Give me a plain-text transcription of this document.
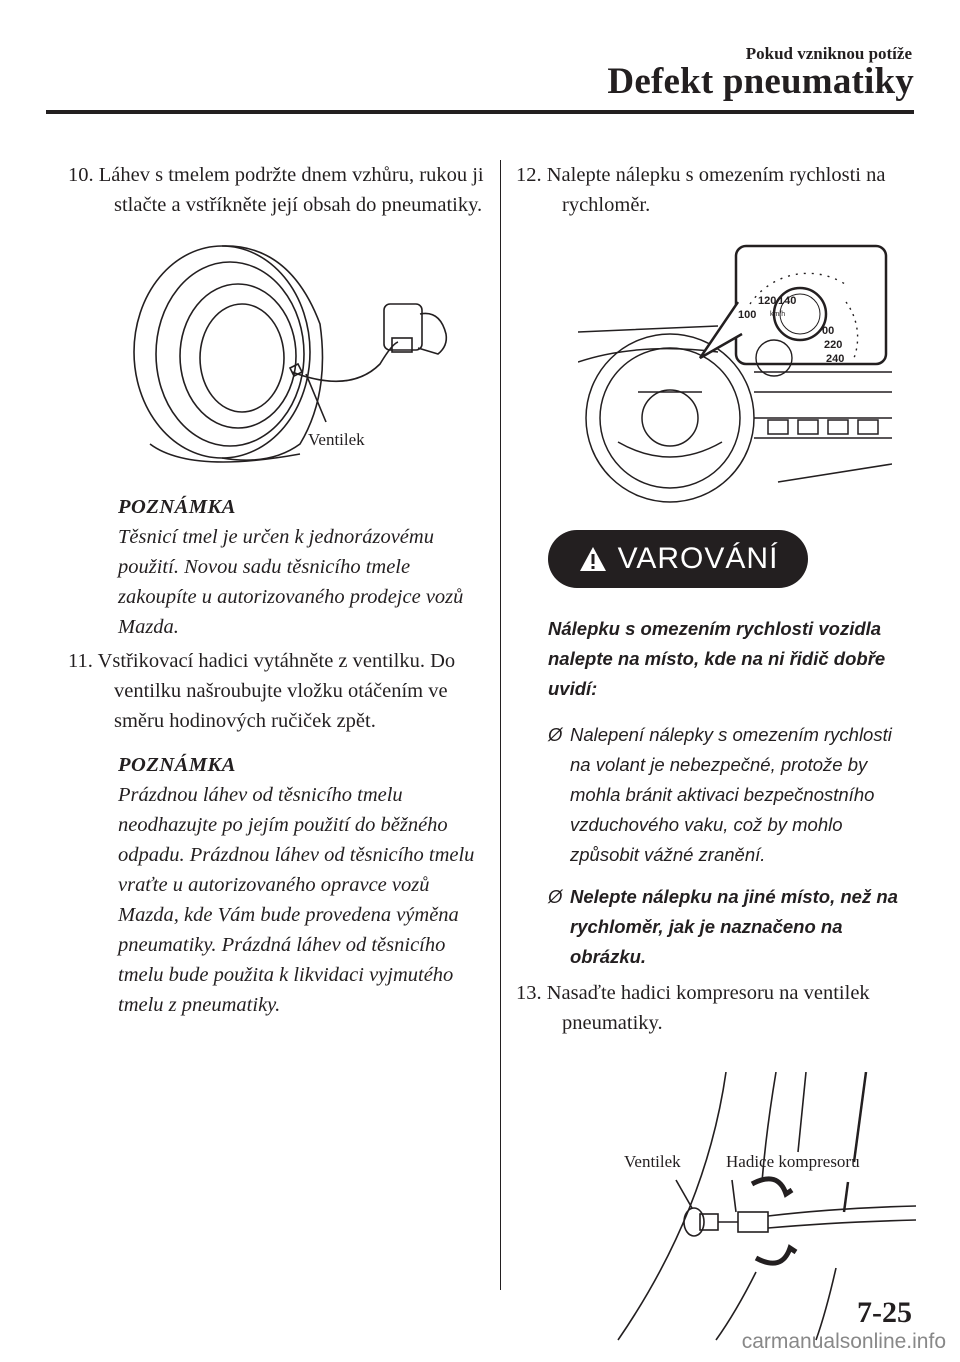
Pokud vzniknou potíže
Defekt pneumatiky

10. Láhev s tmelem podržte dnem vzhůru, rukou ji stlačte a vstříkněte její obsah do pneumatiky.

Ventilek
POZNÁMKA
Těsnicí tmel je určen k jednorázovému použití. Novou sadu těsnicího tmele zakoupíte u autorizovaného prodejce vozů Mazda.

11. Vstřikovací hadici vytáhněte z ventilku. Do ventilku našroubujte vložku otáčením ve směru hodinových ručiček zpět.

POZNÁMKA
Prázdnou láhev od těsnicího tmelu neodhazujte po jejím použití do běžného odpadu. Prázdnou láhev od těsnicího tmelu vraťte u autorizovaného opravce vozů Mazda, kde Vám bude provedena výměna pneumatiky. Prázdná láhev od těsnicího tmelu bude použita k likvidaci vyjmutého tmelu z pneumatiky.

12. Nalepte nálepku s omezením rychlosti na rychloměr.

100
120 140
km/h
00
220
240
VAROVÁNÍ
Nálepku s omezením rychlosti vozidla nalepte na místo, kde na ni řidič dobře uvidí:
Ø Nalepení nálepky s omezením rychlosti na volant je nebezpečné, protože by mohla bránit aktivaci bezpečnostního vzduchového vaku, což by mohlo způsobit vážné zranění.
Ø Nelepte nálepku na jiné místo, než na rychloměr, jak je naznačeno na obrázku.

13. Nasaďte hadici kompresoru na ventilek pneumatiky.

Ventilek	Hadice kompresoru
7-25
carmanualsonline.info
